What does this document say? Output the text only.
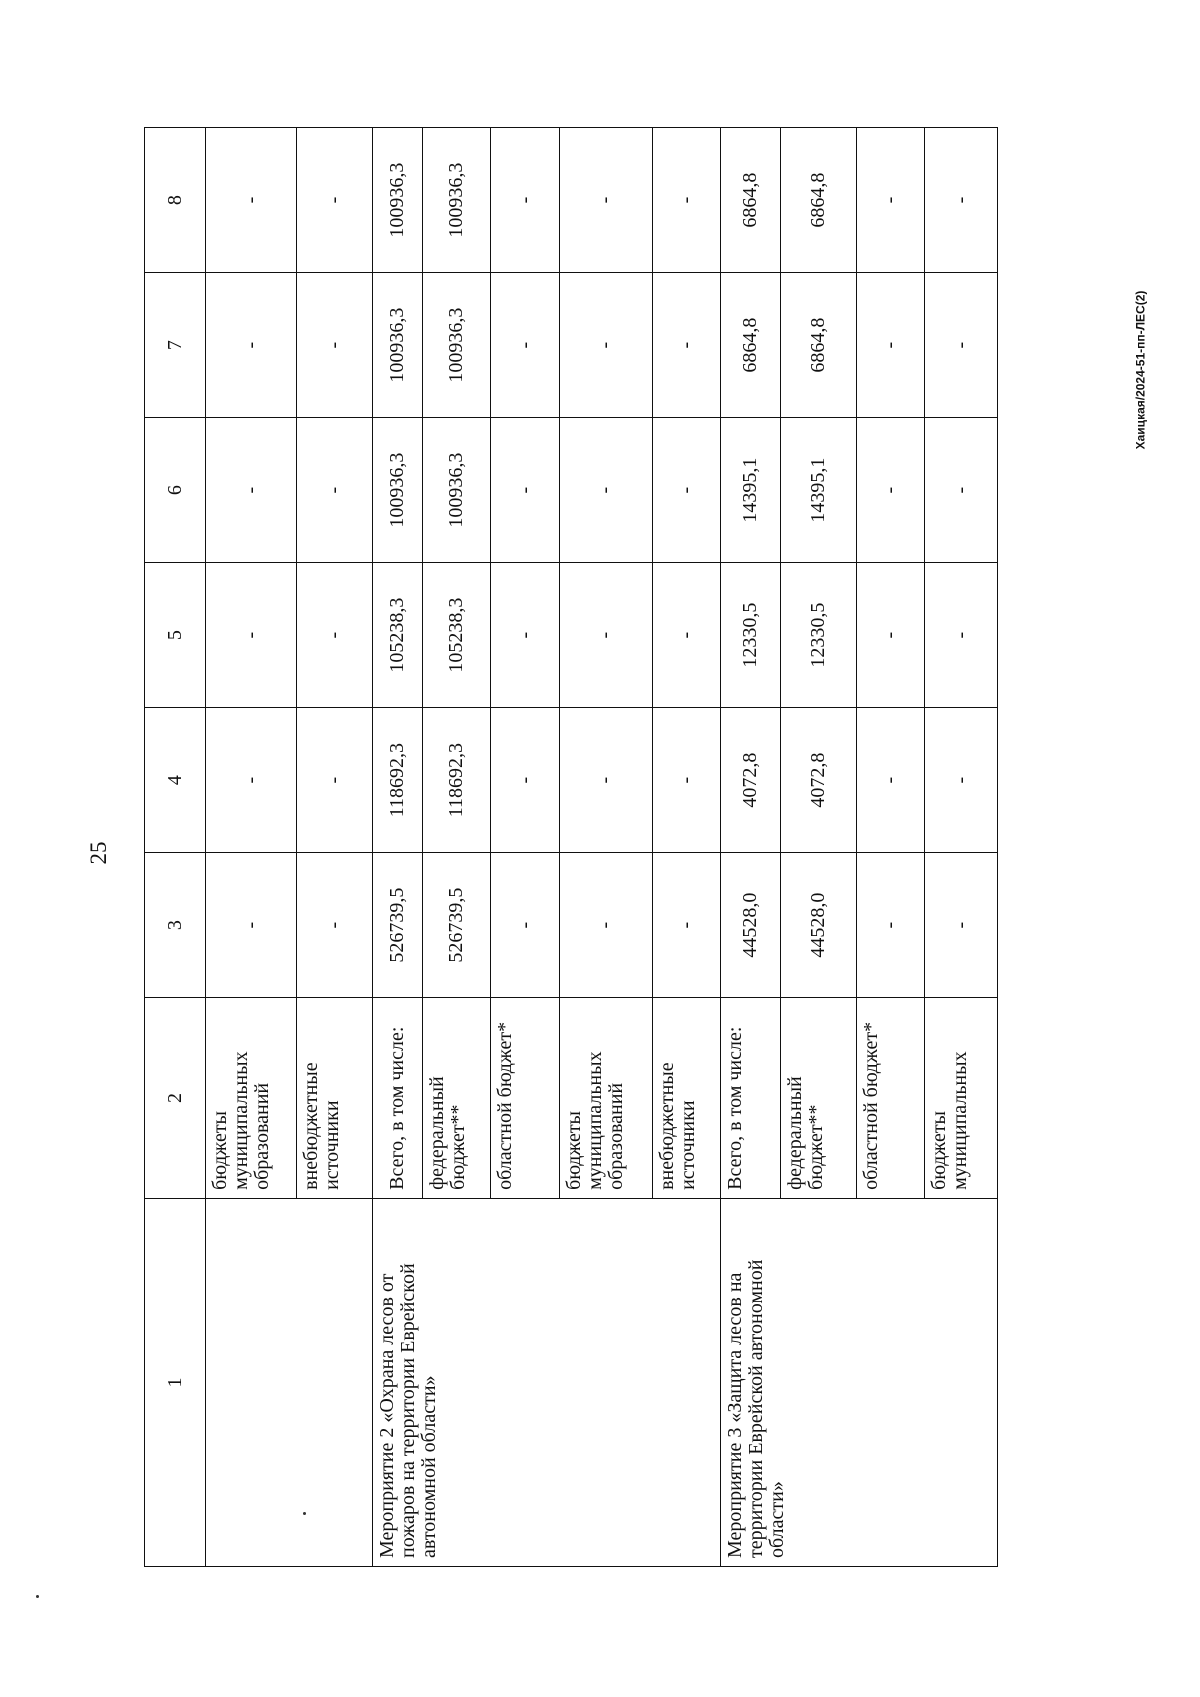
25
Хаицкая/2024-51-пп-ЛЕС(2)
1	2	3	4	5	6	7	8
	бюджеты муниципальных образований	-	-	-	-	-	-
	внебюджетные источники	-	-	-	-	-	-
Мероприятие 2 «Охрана лесов от пожаров на территории Еврейской автономной области»	Всего, в том числе:	526739,5	118692,3	105238,3	100936,3	100936,3	100936,3
	федеральный бюджет**	526739,5	118692,3	105238,3	100936,3	100936,3	100936,3
	областной бюджет*	-	-	-	-	-	-
	бюджеты муниципальных образований	-	-	-	-	-	-
	внебюджетные источники	-	-	-	-	-	-
Мероприятие 3 «Защита лесов на территории Еврейской автономной области»	Всего, в том числе:	44528,0	4072,8	12330,5	14395,1	6864,8	6864,8
	федеральный бюджет**	44528,0	4072,8	12330,5	14395,1	6864,8	6864,8
	областной бюджет*	-	-	-	-	-	-
	бюджеты муниципальных	-	-	-	-	-	-
